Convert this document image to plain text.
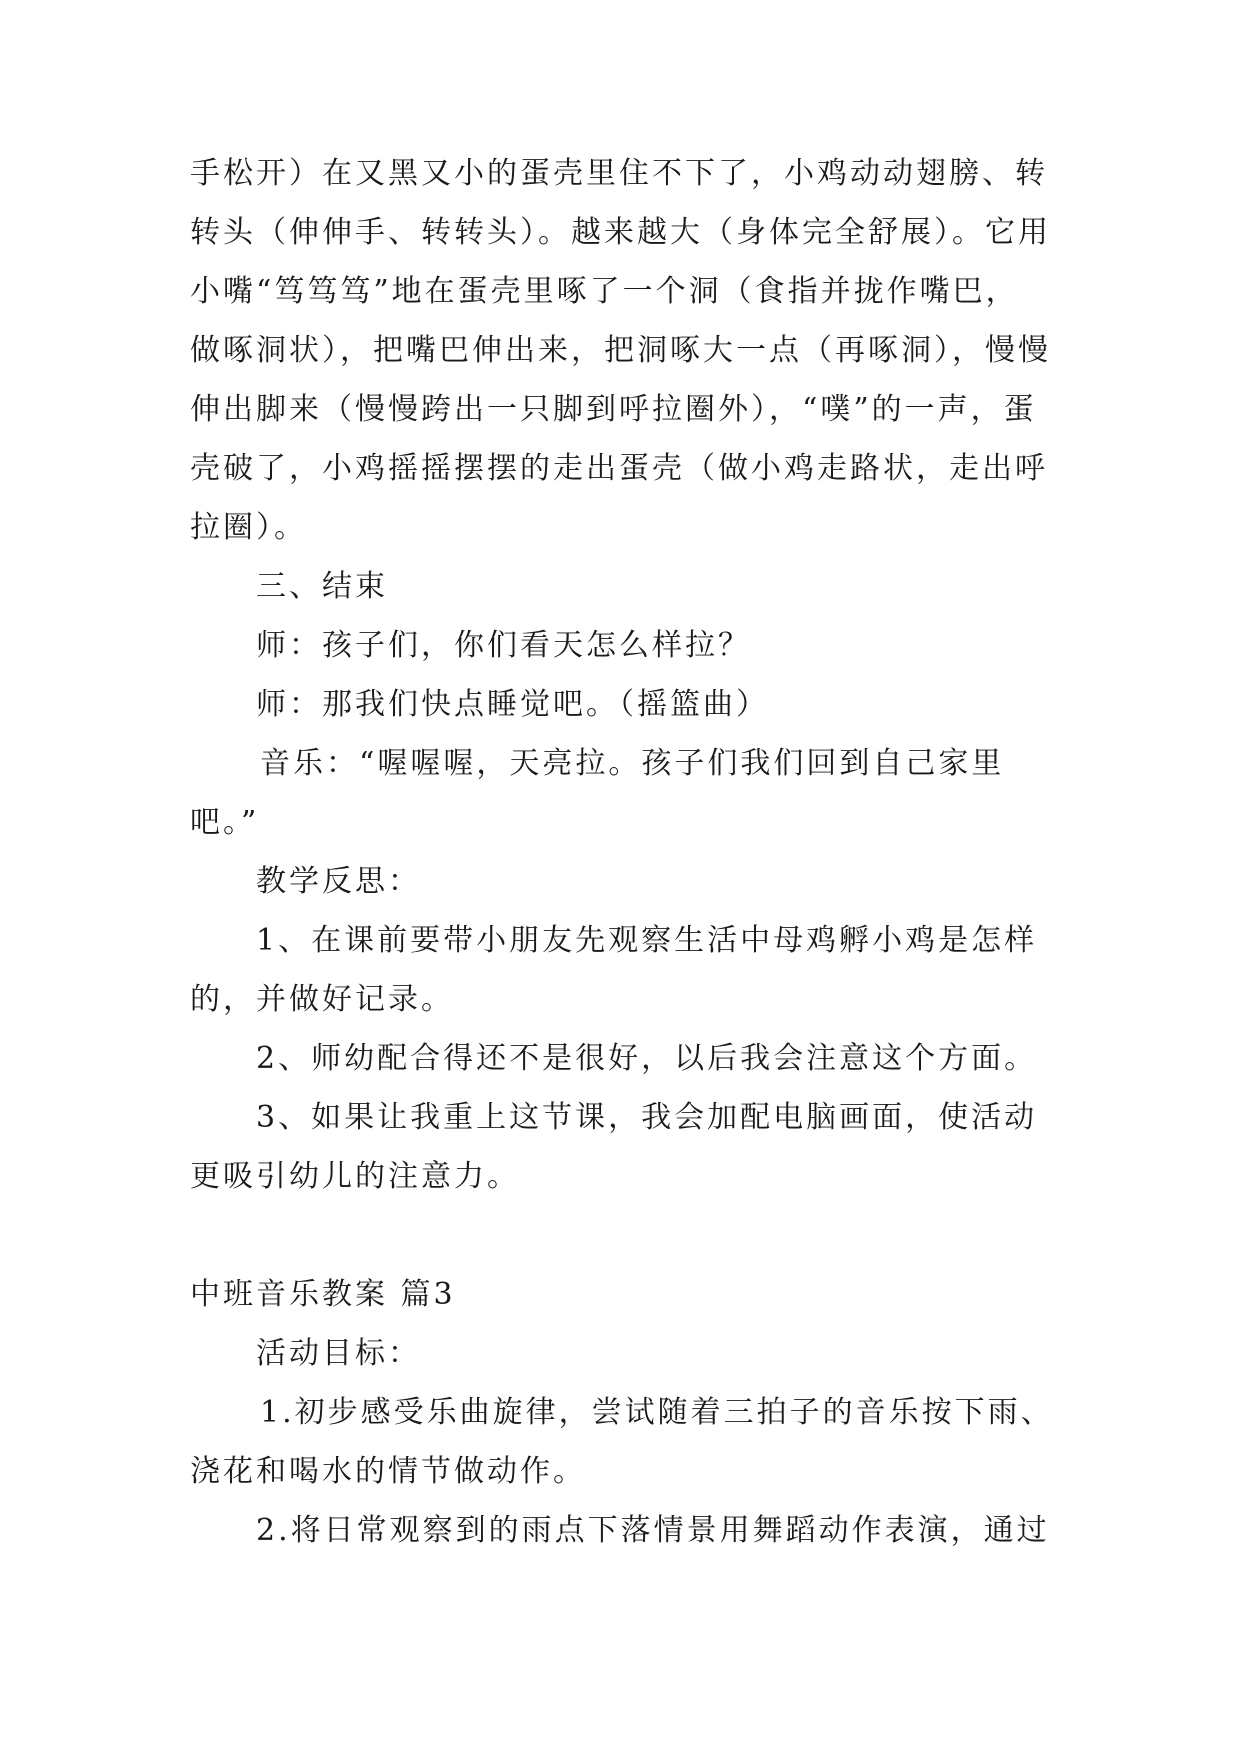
手松开）在又黑又小的蛋壳里住不下了，小鸡动动翅膀、转
转头（伸伸手、转转头）。越来越大（身体完全舒展）。它用
小嘴“笃笃笃”地在蛋壳里啄了一个洞（食指并拢作嘴巴，
做啄洞状），把嘴巴伸出来，把洞啄大一点（再啄洞），慢慢
伸出脚来（慢慢跨出一只脚到呼拉圈外），“噗”的一声，蛋
壳破了，小鸡摇摇摆摆的走出蛋壳（做小鸡走路状，走出呼
拉圈）。
三、结束
师：孩子们，你们看天怎么样拉？
师：那我们快点睡觉吧。（摇篮曲）
音乐：“喔喔喔，天亮拉。孩子们我们回到自己家里
吧。”
教学反思：
1、在课前要带小朋友先观察生活中母鸡孵小鸡是怎样
的，并做好记录。
2、师幼配合得还不是很好，以后我会注意这个方面。
3、如果让我重上这节课，我会加配电脑画面，使活动
更吸引幼儿的注意力。
中班音乐教案 篇3
活动目标：
1.初步感受乐曲旋律，尝试随着三拍子的音乐按下雨、
浇花和喝水的情节做动作。
2.将日常观察到的雨点下落情景用舞蹈动作表演，通过
